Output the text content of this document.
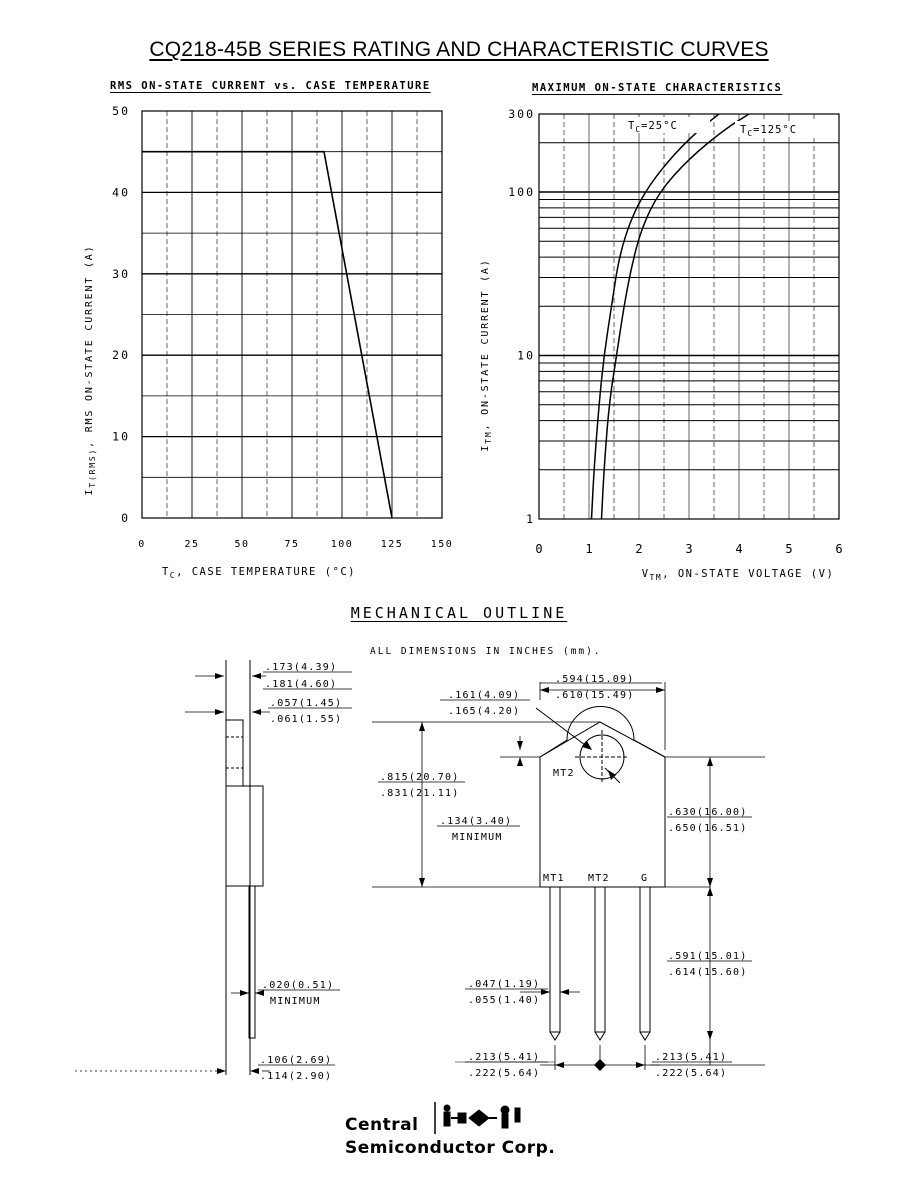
CQ218-45B SERIES RATING AND CHARACTERISTIC CURVES
RMS ON-STATE CURRENT vs. CASE TEMPERATURE
0
10
20
30
40
50
0	25	50	75	100	125	150
$T_C$, CASE TEMPERATURE (°C)
$I_{T(RMS)}$, RMS ON-STATE CURRENT (A)
MAXIMUM ON-STATE CHARACTERISTICS
1
10
100
300
0	1	2	3	4	5	6
$T_C=25^\circ C$	$T_C=125^\circ C$
$V_{TM}$, ON-STATE VOLTAGE (V)
$I_{TM}$, ON-STATE CURRENT (A)
MECHANICAL OUTLINE
ALL DIMENSIONS IN INCHES (mm).
.173(4.39)
.181(4.60)
.057(1.45)
.061(1.55)
.161(4.09)
.165(4.20)
.594(15.09)
.610(15.49)
.815(20.70)
.831(21.11)
.134(3.40)
MINIMUM
.630(16.00)
.650(16.51)
.591(15.01)
.614(15.60)
.020(0.51)
MINIMUM
.047(1.19)
.055(1.40)
.106(2.69)
.114(2.90)
.213(5.41)
.222(5.64)
.213(5.41)
.222(5.64)
MT2
MT1 MT2	G
Central
Semiconductor Corp.
